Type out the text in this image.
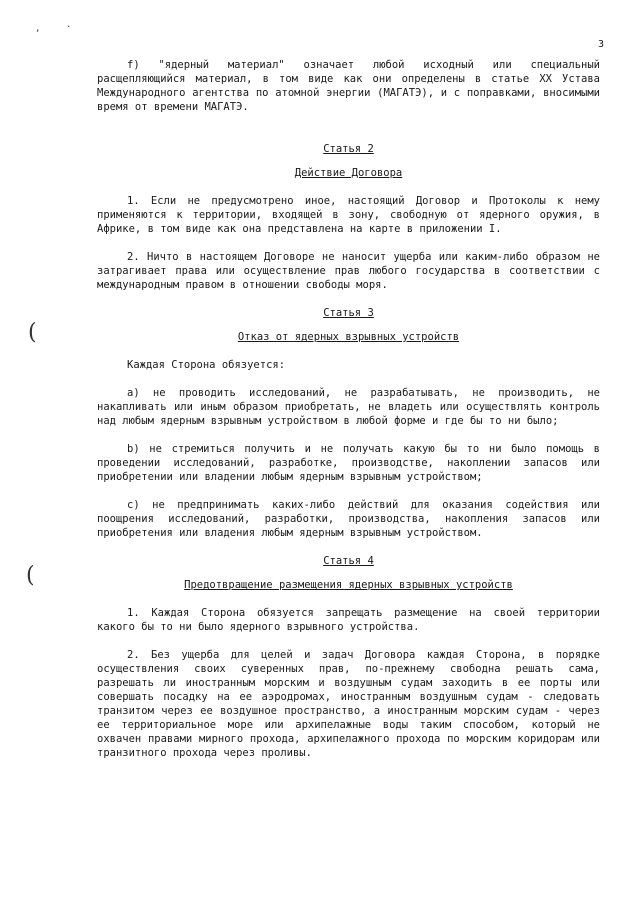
,	.
(
(
3

f) "ядерный материал" означает любой исходный или специальный расщепляющийся материал, в том виде как они определены в статье XX Устава Международного агентства по атомной энергии (МАГАТЭ), и с поправками, вносимыми время от времени МАГАТЭ.

Статья 2

Действие Договора

1. Если не предусмотрено иное, настоящий Договор и Протоколы к нему применяются к территории, входящей в зону, свободную от ядерного оружия, в Африке, в том виде как она представлена на карте в приложении I.

2. Ничто в настоящем Договоре не наносит ущерба или каким-либо образом не затрагивает права или осуществление прав любого государства в соответствии с международным правом в отношении свободы моря.

Статья 3

Отказ от ядерных взрывных устройств

Каждая Сторона обязуется:

а) не проводить исследований, не разрабатывать, не производить, не накапливать или иным образом приобретать, не владеть или осуществлять контроль над любым ядерным взрывным устройством в любой форме и где бы то ни было;

b) не стремиться получить и не получать какую бы то ни было помощь в проведении исследований, разработке, производстве, накоплении запасов или приобретении или владении любым ядерным взрывным устройством;

c) не предпринимать каких-либо действий для оказания содействия или поощрения исследований, разработки, производства, накопления запасов или приобретения или владения любым ядерным взрывным устройством.

Статья 4

Предотвращение размещения ядерных взрывных устройств

1. Каждая Сторона обязуется запрещать размещение на своей территории какого бы то ни было ядерного взрывного устройства.

2. Без ущерба для целей и задач Договора каждая Сторона, в порядке осуществления своих суверенных прав, по-прежнему свободна решать сама, разрешать ли иностранным морским и воздушным судам заходить в ее порты или совершать посадку на ее аэродромах, иностранным воздушным судам - следовать транзитом через ее воздушное пространство, а иностранным морским судам - через ее территориальное море или архипелажные воды таким способом, который не охвачен правами мирного прохода, архипелажного прохода по морским коридорам или транзитного прохода через проливы.
